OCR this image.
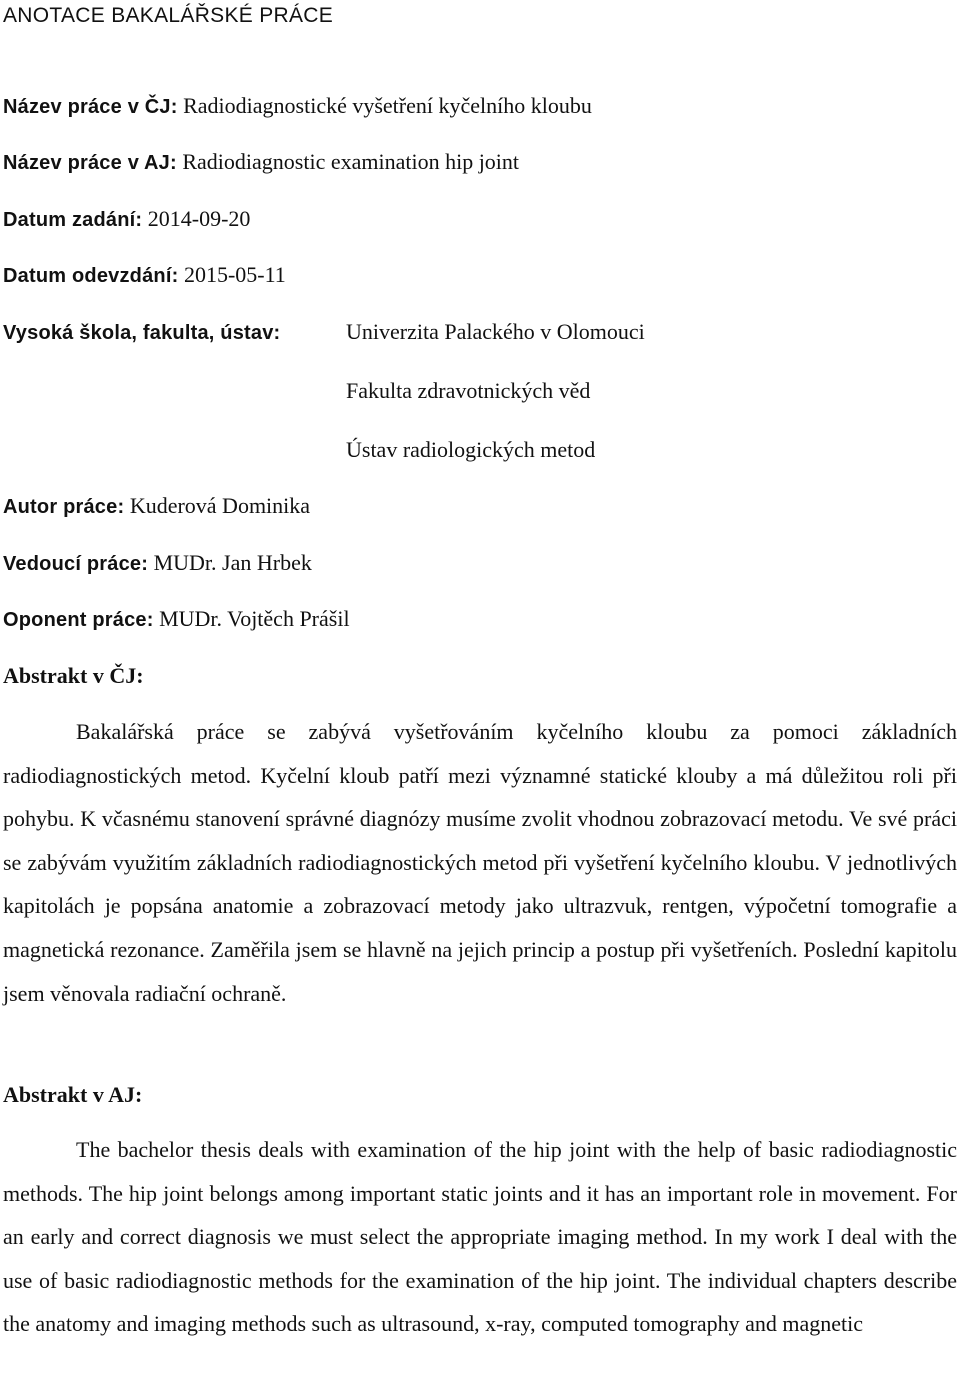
ANOTACE BAKALÁŘSKÉ PRÁCE
Název práce v ČJ: Radiodiagnostické vyšetření kyčelního kloubu
Název práce v AJ: Radiodiagnostic examination hip joint
Datum zadání: 2014-09-20
Datum odevzdání: 2015-05-11
Vysoká škola, fakulta, ústav:	Univerzita Palackého v Olomouci
Fakulta zdravotnických věd
Ústav radiologických metod
Autor práce: Kuderová Dominika
Vedoucí práce: MUDr. Jan Hrbek
Oponent práce: MUDr. Vojtěch Prášil
Abstrakt v ČJ:

Bakalářská práce se zabývá vyšetřováním kyčelního kloubu za pomoci základních radiodiagnostických metod. Kyčelní kloub patří mezi významné statické klouby a má důležitou roli při pohybu. K včasnému stanovení správné diagnózy musíme zvolit vhodnou zobrazovací metodu. Ve své práci se zabývám využitím základních radiodiagnostických metod při vyšetření kyčelního kloubu. V jednotlivých kapitolách je popsána anatomie a zobrazovací metody jako ultrazvuk, rentgen, výpočetní tomografie a magnetická rezonance. Zaměřila jsem se hlavně na jejich princip a postup při vyšetřeních. Poslední kapitolu jsem věnovala radiační ochraně.

Abstrakt v AJ:

The bachelor thesis deals with examination of the hip joint with the help of basic radiodiagnostic methods. The hip joint belongs among important static joints and it has an important role in movement. For an early and correct diagnosis we must select the appropriate imaging method. In my work I deal with the use of basic radiodiagnostic methods for the examination of the hip joint. The individual chapters describe the anatomy and imaging methods such as ultrasound, x-ray, computed tomography and magnetic
